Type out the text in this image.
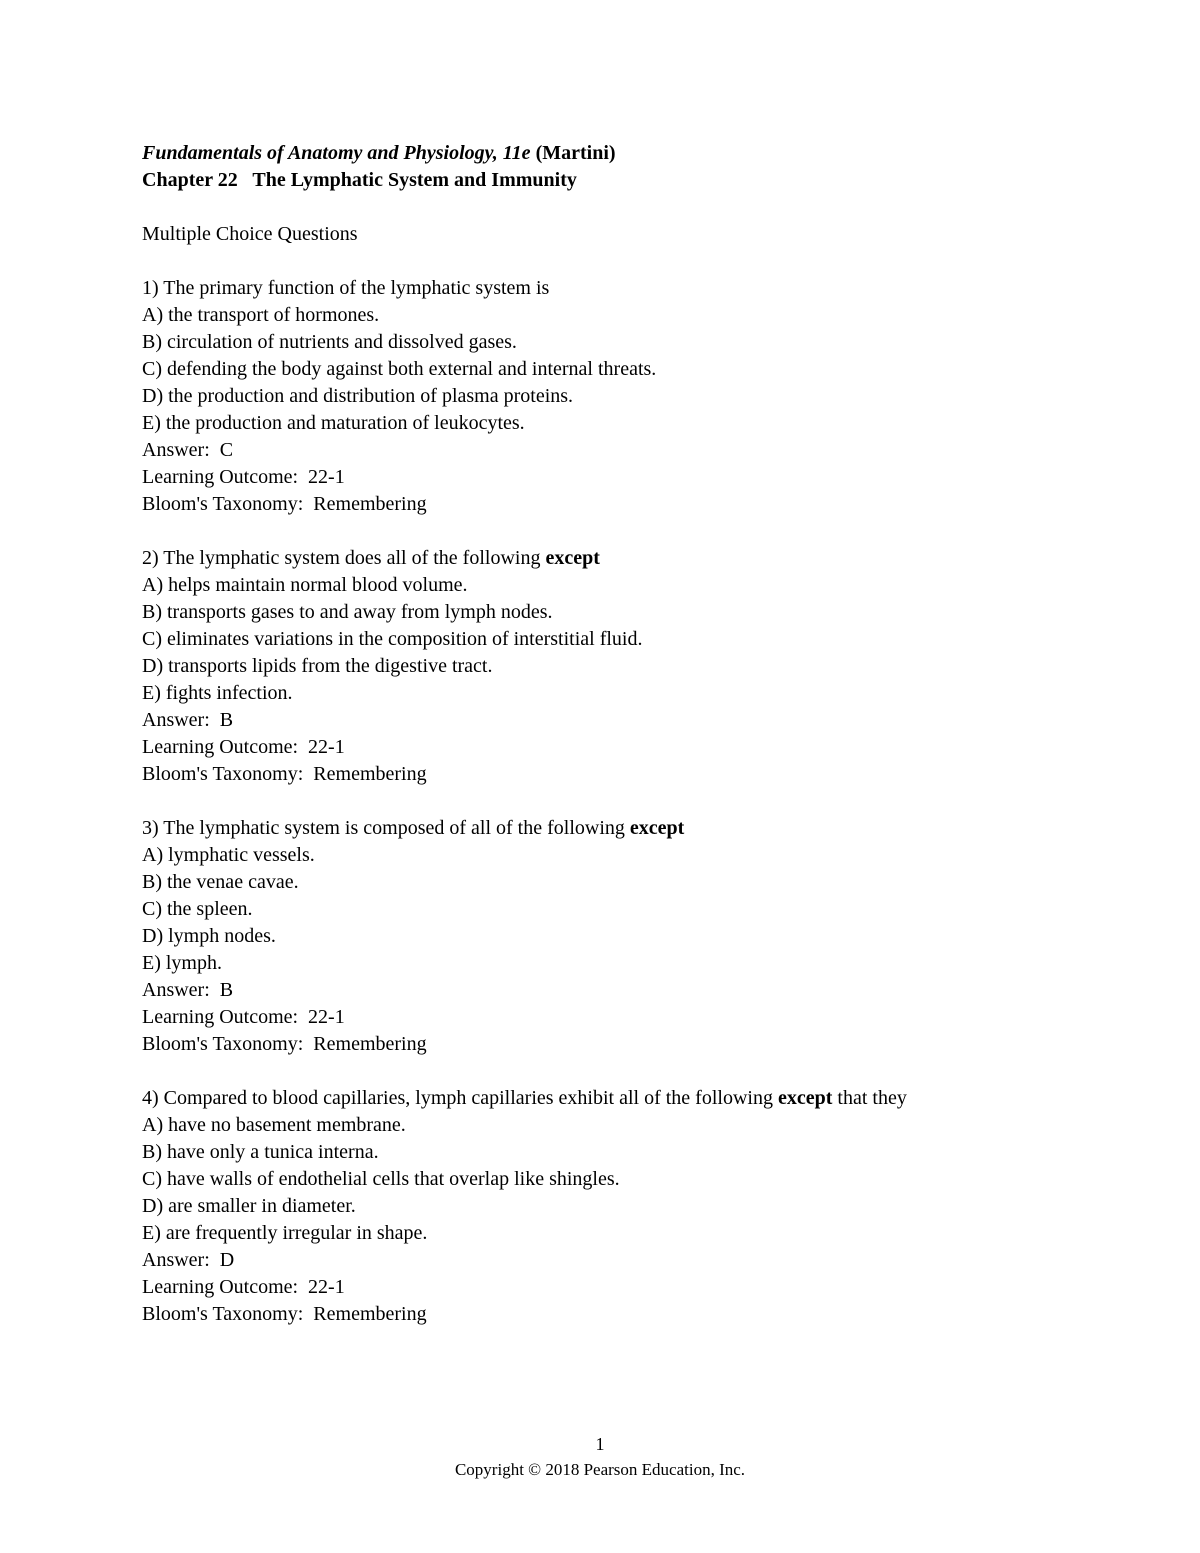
Fundamentals of Anatomy and Physiology, 11e (Martini)
Chapter 22   The Lymphatic System and Immunity
Multiple Choice Questions
1) The primary function of the lymphatic system is
A) the transport of hormones.
B) circulation of nutrients and dissolved gases.
C) defending the body against both external and internal threats.
D) the production and distribution of plasma proteins.
E) the production and maturation of leukocytes.
Answer:  C
Learning Outcome:  22-1
Bloom's Taxonomy:  Remembering
2) The lymphatic system does all of the following except
A) helps maintain normal blood volume.
B) transports gases to and away from lymph nodes.
C) eliminates variations in the composition of interstitial fluid.
D) transports lipids from the digestive tract.
E) fights infection.
Answer:  B
Learning Outcome:  22-1
Bloom's Taxonomy:  Remembering
3) The lymphatic system is composed of all of the following except
A) lymphatic vessels.
B) the venae cavae.
C) the spleen.
D) lymph nodes.
E) lymph.
Answer:  B
Learning Outcome:  22-1
Bloom's Taxonomy:  Remembering
4) Compared to blood capillaries, lymph capillaries exhibit all of the following except that they
A) have no basement membrane.
B) have only a tunica interna.
C) have walls of endothelial cells that overlap like shingles.
D) are smaller in diameter.
E) are frequently irregular in shape.
Answer:  D
Learning Outcome:  22-1
Bloom's Taxonomy:  Remembering
1
Copyright © 2018 Pearson Education, Inc.
